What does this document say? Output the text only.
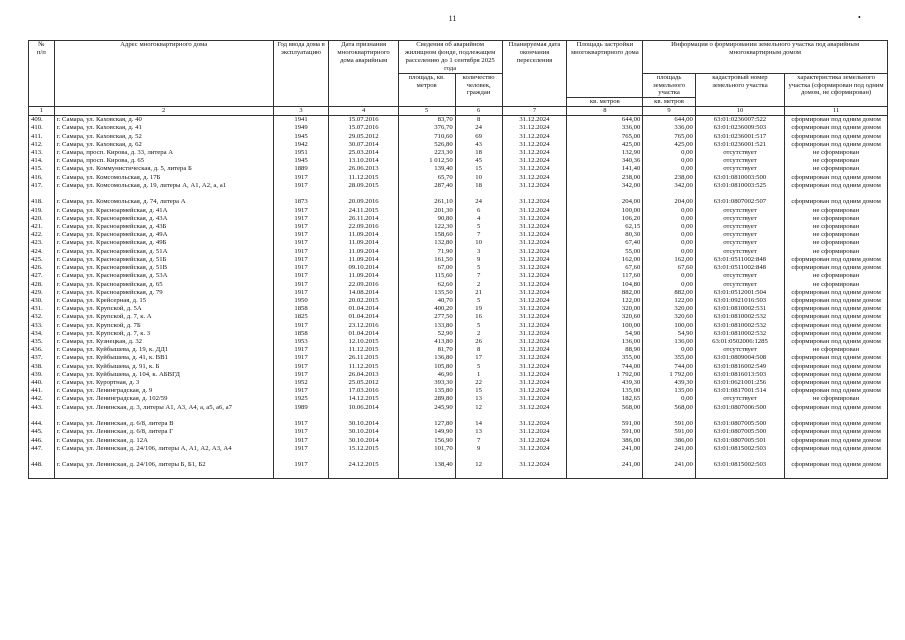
11	•
№
п/п	Адрес многоквартирного дома	Год ввода дома в эксплуатацию	Дата признания многоквартирного дома аварийным	Сведения об аварийном жилищном фонде, подлежащем расселению до 1 сентября 2025 года		Планируемая дата окончания переселения	Площадь застройки многоквартирного дома	Информация о формировании земельного участка под аварийным многоквартирным домом		
				площадь, кв. метров	количество человек, граждан			площадь земельного участка	кадастровый номер земельного участка	характеристика земельного участка (сформирован под одним домом, не сформирован)
							кв. метров	кв. метров		
1	2	3	4	5	6	7	8	9	10	11
409.	г. Самара, ул. Каховская, д. 40	1941	15.07.2016	83,70	8	31.12.2024	644,00	644,00	63:01:0236007:522	сформирован под одним домом
410.	г. Самара, ул. Каховская, д. 41	1949	15.07.2016	376,70	24	31.12.2024	336,00	336,00	63:01:0236009:503	сформирован под одним домом
411.	г. Самара, ул. Каховская, д. 52	1945	29.05.2012	710,60	69	31.12.2024	765,00	765,00	63:01:0236001:517	сформирован под одним домом
412.	г. Самара, ул. Каховская, д. 62	1942	30.07.2014	526,80	43	31.12.2024	425,00	425,00	63:01:0236001:521	сформирован под одним домом
413.	г. Самара, просп. Кирова, д. 33, литера А	1951	25.03.2014	223,30	18	31.12.2024	132,90	0,00	отсутствует	не сформирован
414.	г. Самара, просп. Кирова, д. 65	1945	13.10.2014	1 012,50	45	31.12.2024	340,36	0,00	отсутствует	не сформирован
415.	г. Самара, ул. Коммунистическая, д. 5, литера Б	1889	26.06.2013	139,40	15	31.12.2024	141,40	0,00	отсутствует	не сформирован
416.	г. Самара, ул. Комсомольская, д. 17Б	1917	11.12.2015	65,70	10	31.12.2024	238,00	238,00	63:01:0810003:500	сформирован под одним домом
417.	г. Самара, ул. Комсомольская, д. 19, литеры А, А1, А2, а, а1	1917	28.09.2015	287,40	18	31.12.2024	342,00	342,00	63:01:0810003:525	сформирован под одним домом
418.	г. Самара, ул. Комсомольская, д. 74, литера А	1873	20.09.2016	261,10	24	31.12.2024	204,00	204,00	63:01:0807002:507	сформирован под одним домом
419.	г. Самара, ул. Красноармейская, д. 41А	1917	24.11.2015	201,30	6	31.12.2024	100,00	0,00	отсутствует	не сформирован
420.	г. Самара, ул. Красноармейская, д. 43А	1917	26.11.2014	90,80	4	31.12.2024	106,20	0,00	отсутствует	не сформирован
421.	г. Самара, ул. Красноармейская, д. 43Б	1917	22.09.2016	122,30	5	31.12.2024	62,15	0,00	отсутствует	не сформирован
422.	г. Самара, ул. Красноармейская, д. 49А	1917	11.09.2014	158,60	7	31.12.2024	80,30	0,00	отсутствует	не сформирован
423.	г. Самара, ул. Красноармейская, д. 49Б	1917	11.09.2014	132,80	10	31.12.2024	67,40	0,00	отсутствует	не сформирован
424.	г. Самара, ул. Красноармейская, д. 51А	1917	11.09.2014	71,90	3	31.12.2024	55,00	0,00	отсутствует	не сформирован
425.	г. Самара, ул. Красноармейская, д. 51Б	1917	11.09.2014	161,50	9	31.12.2024	162,00	162,00	63:01:0511002:848	сформирован под одним домом
426.	г. Самара, ул. Красноармейская, д. 51В	1917	09.10.2014	67,00	5	31.12.2024	67,60	67,60	63:01:0511002:848	сформирован под одним домом
427.	г. Самара, ул. Красноармейская, д. 53А	1917	11.09.2014	115,60	7	31.12.2024	117,60	0,00	отсутствует	не сформирован
428.	г. Самара, ул. Красноармейская, д. 65	1917	22.09.2016	62,60	2	31.12.2024	104,80	0,00	отсутствует	не сформирован
429.	г. Самара, ул. Красноармейская, д. 79	1917	14.08.2014	135,50	21	31.12.2024	882,00	882,00	63:01:0512001:504	сформирован под одним домом
430.	г. Самара, ул. Крейсерная, д. 15	1950	20.02.2015	40,70	5	31.12.2024	122,00	122,00	63:01:0921016:503	сформирован под одним домом
431.	г. Самара, ул. Крупской, д. 5А	1858	01.04.2014	400,20	19	31.12.2024	320,00	320,00	63:01:0810002:531	сформирован под одним домом
432.	г. Самара, ул. Крупской, д. 7, к. А	1825	01.04.2014	277,50	16	31.12.2024	320,60	320,60	63:01:0810002:532	сформирован под одним домом
433.	г. Самара, ул. Крупской, д. 7Б	1917	23.12.2016	133,80	5	31.12.2024	100,00	100,00	63:01:0810002:532	сформирован под одним домом
434.	г. Самара, ул. Крупской, д. 7, к. 3	1858	01.04.2014	52,90	2	31.12.2024	54,90	54,90	63:01:0810002:532	сформирован под одним домом
435.	г. Самара, ул. Кузнецкая, д. 32	1953	12.10.2015	413,80	26	31.12.2024	136,00	136,00	63:01:0502006:1285	сформирован под одним домом
436.	г. Самара, ул. Куйбышева, д. 19, к. ДД1	1917	11.12.2015	81,70	8	31.12.2024	88,90	0,00	отсутствует	не сформирован
437.	г. Самара, ул. Куйбышева, д. 41, к. ВВ1	1917	26.11.2015	136,80	17	31.12.2024	355,00	355,00	63:01:0809004:508	сформирован под одним домом
438.	г. Самара, ул. Куйбышева, д. 91, к. Б	1917	11.12.2015	105,80	5	31.12.2024	744,00	744,00	63:01:0816002:549	сформирован под одним домом
439.	г. Самара, ул. Куйбышева, д. 104, к. АБВГД	1917	26.04.2013	46,90	1	31.12.2024	1 792,00	1 792,00	63:01:0816013:503	сформирован под одним домом
440.	г. Самара, ул. Курортная, д. 3	1952	25.05.2012	393,30	22	31.12.2024	439,30	439,30	63:01:0621001:256	сформирован под одним домом
441.	г. Самара, ул. Ленинградская, д. 9	1917	17.03.2016	135,80	15	31.12.2024	135,00	135,00	63:01:0817001:514	сформирован под одним домом
442.	г. Самара, ул. Ленинградская, д. 102/59	1925	14.12.2015	289,80	13	31.12.2024	182,65	0,00	отсутствует	не сформирован
443.	г. Самара, ул. Ленинская, д. 3, литеры А1, А3, А4, а, а5, а6, а7	1989	10.06.2014	245,90	12	31.12.2024	568,00	568,00	63:01:0807006:500	сформирован под одним домом
444.	г. Самара, ул. Ленинская, д. 6/8, литера В	1917	30.10.2014	127,80	14	31.12.2024	591,00	591,00	63:01:0807005:500	сформирован под одним домом
445.	г. Самара, ул. Ленинская, д. 6/8, литера Г	1917	30.10.2014	149,90	13	31.12.2024	591,00	591,00	63:01:0807005:500	сформирован под одним домом
446.	г. Самара, ул. Ленинская, д. 12А	1917	30.10.2014	156,90	7	31.12.2024	386,00	386,00	63:01:0807005:501	сформирован под одним домом
447.	г. Самара, ул. Ленинская, д. 24/106, литеры А, А1, А2, А3, А4	1917	15.12.2015	101,70	9	31.12.2024	241,00	241,00	63:01:0815002:503	сформирован под одним домом
448.	г. Самара, ул. Ленинская, д. 24/106, литеры Б, Б1, Б2	1917	24.12.2015	138,40	12	31.12.2024	241,00	241,00	63:01:0815002:503	сформирован под одним домом
